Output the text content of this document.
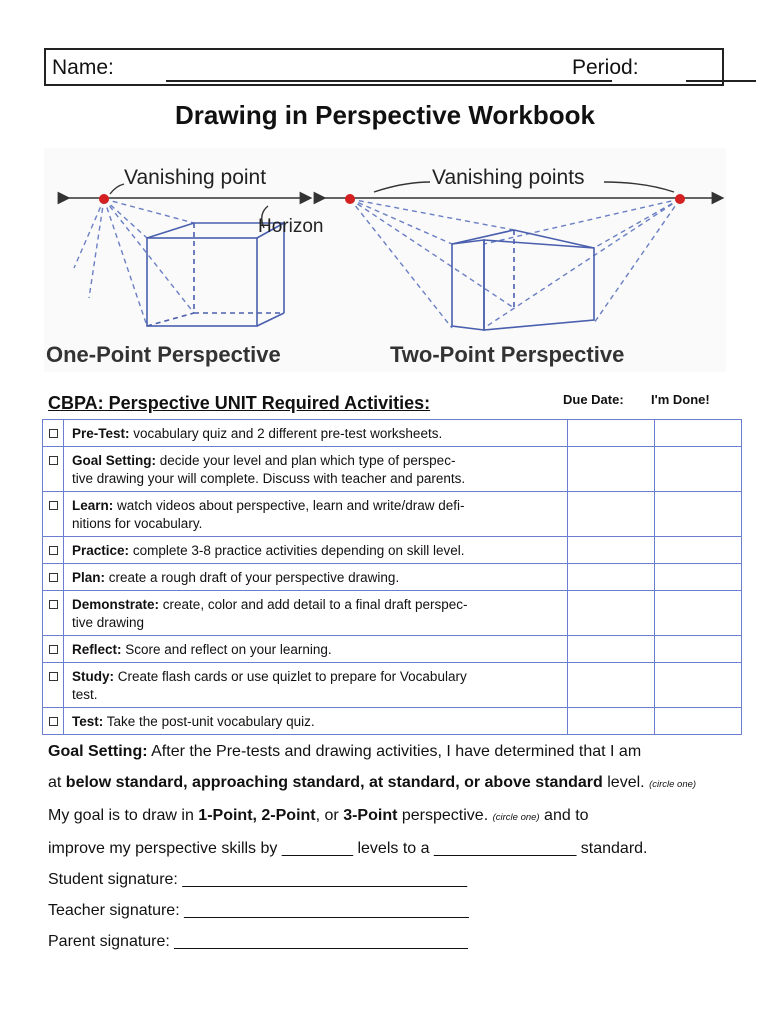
Name:	Period:
Drawing in Perspective Workbook
Vanishing point
Horizon
Vanishing points
One-Point Perspective	Two-Point Perspective
CBPA: Perspective UNIT Required Activities:	Due Date: I'm Done!
	Pre-Test: vocabulary quiz and 2 different pre-test worksheets.		
	Goal Setting: decide your level and plan which type of perspec-
tive drawing your will complete. Discuss with teacher and parents.		
	Learn: watch videos about perspective, learn and write/draw defi-
nitions for vocabulary.		
	Practice: complete 3-8 practice activities depending on skill level.		
	Plan: create a rough draft of your perspective drawing.		
	Demonstrate: create, color and add detail to a final draft perspec-
tive drawing		
	Reflect: Score and reflect on your learning.		
	Study: Create flash cards or use quizlet to prepare for Vocabulary
test.		
	Test: Take the post-unit vocabulary quiz.		
Goal Setting: After the Pre-tests and drawing activities, I have determined that I am
at below standard, approaching standard, at standard, or above standard level. (circle one)
My goal is to draw in 1-Point, 2-Point, or 3-Point perspective. (circle one) and to
improve my perspective skills by ________ levels to a ________________ standard.
Student signature: ________________________________
Teacher signature: ________________________________
Parent signature: _________________________________
